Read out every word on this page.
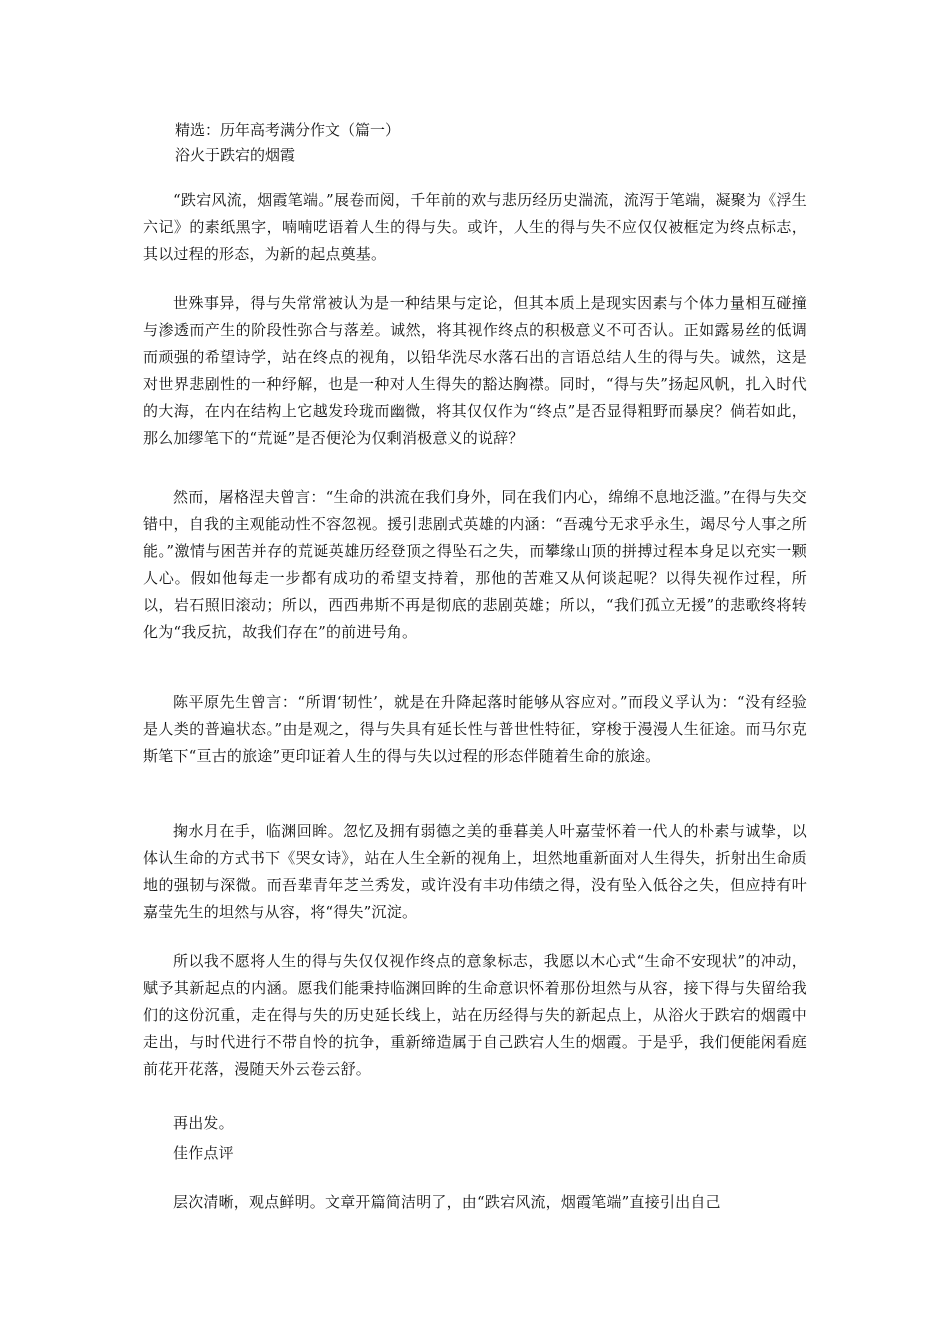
精选：历年高考满分作文（篇一）
浴火于跌宕的烟霞

“跌宕风流，烟霞笔端。”展卷而阅，千年前的欢与悲历经历史湍流，流泻于笔端，凝聚为《浮生六记》的素纸黑字，喃喃呓语着人生的得与失。或许，人生的得与失不应仅仅被框定为终点标志，其以过程的形态，为新的起点奠基。

世殊事异，得与失常常被认为是一种结果与定论，但其本质上是现实因素与个体力量相互碰撞与渗透而产生的阶段性弥合与落差。诚然，将其视作终点的积极意义不可否认。正如露易丝的低调而顽强的希望诗学，站在终点的视角，以铅华洗尽水落石出的言语总结人生的得与失。诚然，这是对世界悲剧性的一种纾解，也是一种对人生得失的豁达胸襟。同时，“得与失”扬起风帆，扎入时代的大海，在内在结构上它越发玲珑而幽微，将其仅仅作为“终点”是否显得粗野而暴戾？倘若如此，那么加缪笔下的“荒诞”是否便沦为仅剩消极意义的说辞？

然而，屠格涅夫曾言：“生命的洪流在我们身外，同在我们内心，绵绵不息地泛滥。”在得与失交错中，自我的主观能动性不容忽视。援引悲剧式英雄的内涵：“吾魂兮无求乎永生，竭尽兮人事之所能。”激情与困苦并存的荒诞英雄历经登顶之得坠石之失，而攀缘山顶的拼搏过程本身足以充实一颗人心。假如他每走一步都有成功的希望支持着，那他的苦难又从何谈起呢？以得失视作过程，所以，岩石照旧滚动；所以，西西弗斯不再是彻底的悲剧英雄；所以，“我们孤立无援”的悲歌终将转化为“我反抗，故我们存在”的前进号角。

陈平原先生曾言：“所谓‘韧性’，就是在升降起落时能够从容应对。”而段义孚认为：“没有经验是人类的普遍状态。”由是观之，得与失具有延长性与普世性特征，穿梭于漫漫人生征途。而马尔克斯笔下“亘古的旅途”更印证着人生的得与失以过程的形态伴随着生命的旅途。

掬水月在手，临渊回眸。忽忆及拥有弱德之美的垂暮美人叶嘉莹怀着一代人的朴素与诚挚，以体认生命的方式书下《哭女诗》，站在人生全新的视角上，坦然地重新面对人生得失，折射出生命质地的强韧与深微。而吾辈青年芝兰秀发，或许没有丰功伟绩之得，没有坠入低谷之失，但应持有叶嘉莹先生的坦然与从容，将“得失”沉淀。

所以我不愿将人生的得与失仅仅视作终点的意象标志，我愿以木心式“生命不安现状”的冲动，赋予其新起点的内涵。愿我们能秉持临渊回眸的生命意识怀着那份坦然与从容，接下得与失留给我们的这份沉重，走在得与失的历史延长线上，站在历经得与失的新起点上，从浴火于跌宕的烟霞中走出，与时代进行不带自怜的抗争，重新缔造属于自己跌宕人生的烟霞。于是乎，我们便能闲看庭前花开花落，漫随天外云卷云舒。

再出发。

佳作点评

层次清晰，观点鲜明。文章开篇简洁明了，由“跌宕风流，烟霞笔端”直接引出自己
